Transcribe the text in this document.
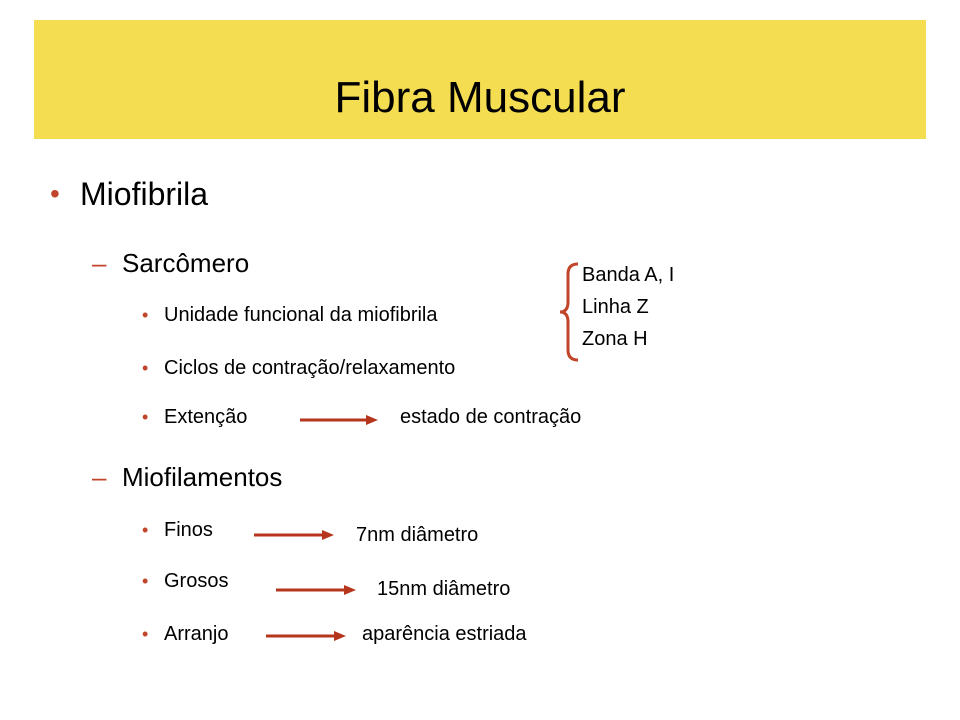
Fibra Muscular
• Miofibrila
– Sarcômero
• Unidade funcional da miofibrila
• Ciclos de contração/relaxamento
• Extenção	estado de contração
Banda A, I
Linha Z
Zona H
– Miofilamentos
• Finos	7nm diâmetro
• Grosos	15nm diâmetro
• Arranjo	aparência estriada
